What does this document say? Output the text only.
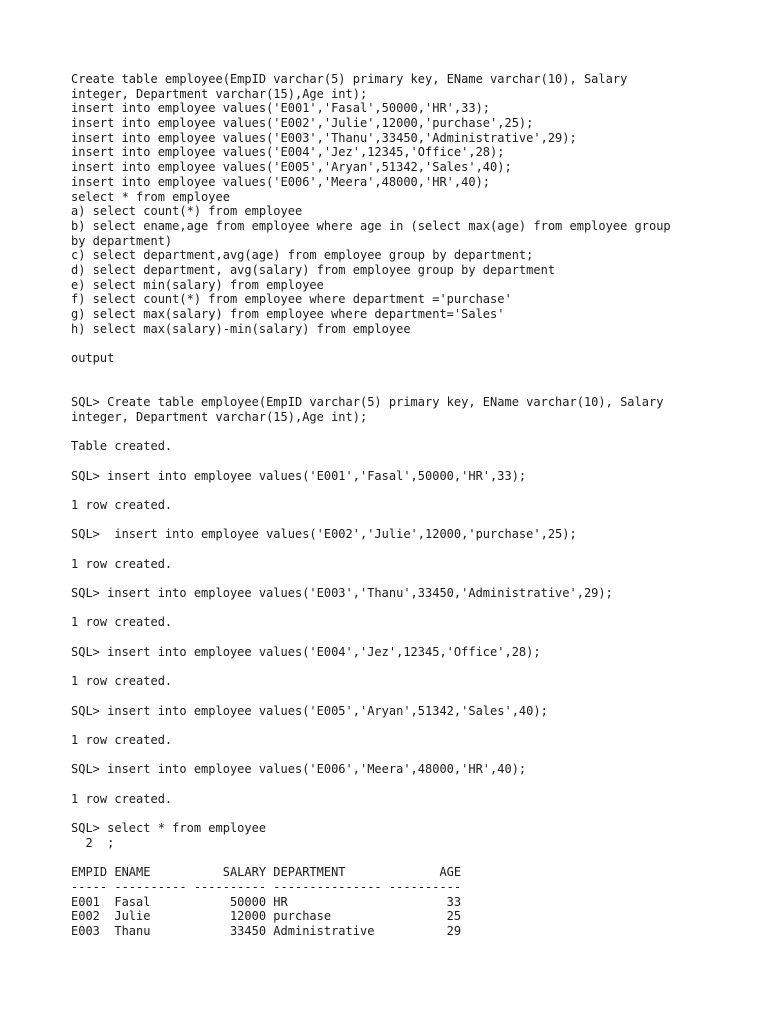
Create table employee(EmpID varchar(5) primary key, EName varchar(10), Salary
integer, Department varchar(15),Age int);
insert into employee values('E001','Fasal',50000,'HR',33);
insert into employee values('E002','Julie',12000,'purchase',25);
insert into employee values('E003','Thanu',33450,'Administrative',29);
insert into employee values('E004','Jez',12345,'Office',28);
insert into employee values('E005','Aryan',51342,'Sales',40);
insert into employee values('E006','Meera',48000,'HR',40);
select * from employee
a) select count(*) from employee
b) select ename,age from employee where age in (select max(age) from employee group
by department)
c) select department,avg(age) from employee group by department;
d) select department, avg(salary) from employee group by department
e) select min(salary) from employee
f) select count(*) from employee where department ='purchase'
g) select max(salary) from employee where department='Sales'
h) select max(salary)-min(salary) from employee
output
SQL> Create table employee(EmpID varchar(5) primary key, EName varchar(10), Salary
integer, Department varchar(15),Age int);
Table created.
SQL> insert into employee values('E001','Fasal',50000,'HR',33);
1 row created.
SQL>  insert into employee values('E002','Julie',12000,'purchase',25);
1 row created.
SQL> insert into employee values('E003','Thanu',33450,'Administrative',29);
1 row created.
SQL> insert into employee values('E004','Jez',12345,'Office',28);
1 row created.
SQL> insert into employee values('E005','Aryan',51342,'Sales',40);
1 row created.
SQL> insert into employee values('E006','Meera',48000,'HR',40);
1 row created.
SQL> select * from employee
2  ;
EMPID ENAME          SALARY DEPARTMENT             AGE
----- ---------- ---------- --------------- ----------
E001  Fasal           50000 HR                      33
E002  Julie           12000 purchase                25
E003  Thanu           33450 Administrative          29
